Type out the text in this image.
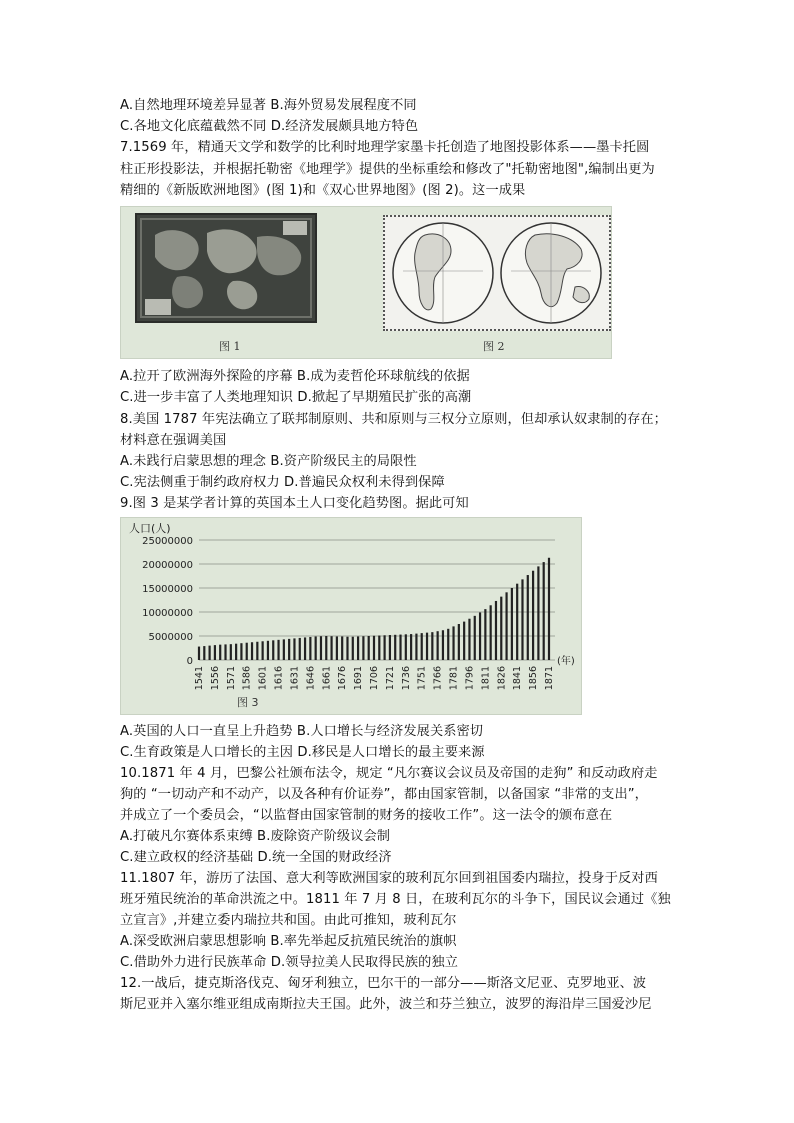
A.自然地理环境差异显著 B.海外贸易发展程度不同
C.各地文化底蕴截然不同 D.经济发展颇具地方特色
7.1569 年，精通天文学和数学的比利时地理学家墨卡托创造了地图投影体系——墨卡托圆
柱正形投影法，并根据托勒密《地理学》提供的坐标重绘和修改了"托勒密地图",编制出更为
精细的《新版欧洲地图》(图 1)和《双心世界地图》(图 2)。这一成果
图 1	图 2
A.拉开了欧洲海外探险的序幕 B.成为麦哲伦环球航线的依据
C.进一步丰富了人类地理知识 D.掀起了早期殖民扩张的高潮
8.美国 1787 年宪法确立了联邦制原则、共和原则与三权分立原则，但却承认奴隶制的存在；
材料意在强调美国
A.未践行启蒙思想的理念 B.资产阶级民主的局限性
C.宪法侧重于制约政府权力 D.普遍民众权利未得到保障
9.图 3 是某学者计算的英国本土人口变化趋势图。据此可知
人口(人)
25000000
20000000
15000000
10000000
5000000
0
1541 1556 1571 1586 1601 1616 1631 1646 1661 1676 1691 1706 1721 1736 1751 1766 1781 1796 1811 1826 1841 1856 1871
(年)
图 3
A.英国的人口一直呈上升趋势 B.人口增长与经济发展关系密切
C.生育政策是人口增长的主因 D.移民是人口增长的最主要来源
10.1871 年 4 月，巴黎公社颁布法令，规定 “凡尔赛议会议员及帝国的走狗” 和反动政府走
狗的 “一切动产和不动产，以及各种有价证券”，都由国家管制，以备国家 “非常的支出”，
并成立了一个委员会，“以监督由国家管制的财务的接收工作”。这一法令的颁布意在
A.打破凡尔赛体系束缚 B.废除资产阶级议会制
C.建立政权的经济基础 D.统一全国的财政经济
11.1807 年，游历了法国、意大利等欧洲国家的玻利瓦尔回到祖国委内瑞拉，投身于反对西
班牙殖民统治的革命洪流之中。1811 年 7 月 8 日，在玻利瓦尔的斗争下，国民议会通过《独
立宣言》,并建立委内瑞拉共和国。由此可推知，玻利瓦尔
A.深受欧洲启蒙思想影响 B.率先举起反抗殖民统治的旗帜
C.借助外力进行民族革命 D.领导拉美人民取得民族的独立
12.一战后，捷克斯洛伐克、匈牙利独立，巴尔干的一部分——斯洛文尼亚、克罗地亚、波
斯尼亚并入塞尔维亚组成南斯拉夫王国。此外，波兰和芬兰独立，波罗的海沿岸三国爱沙尼
